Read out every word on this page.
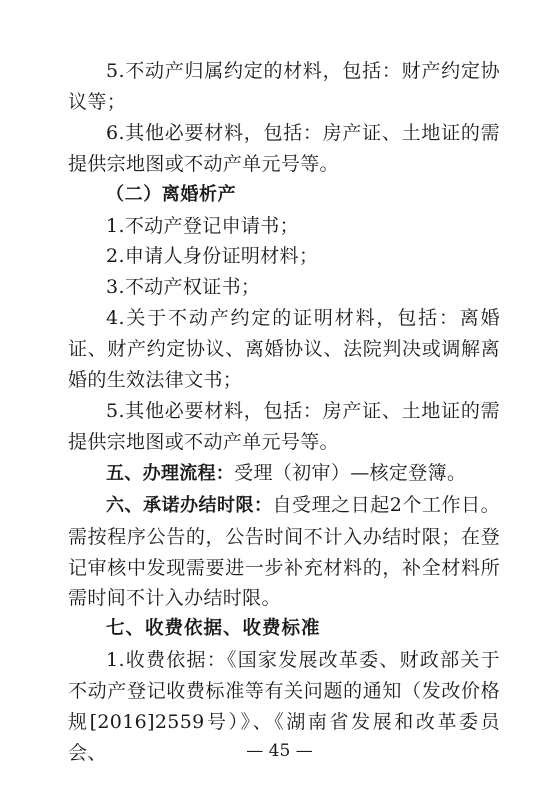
5.不动产归属约定的材料，包括：财产约定协议等；

6.其他必要材料，包括：房产证、土地证的需提供宗地图或不动产单元号等。

（二）离婚析产

1.不动产登记申请书；

2.申请人身份证明材料；

3.不动产权证书；

4.关于不动产约定的证明材料，包括：离婚证、财产约定协议、离婚协议、法院判决或调解离婚的生效法律文书；

5.其他必要材料，包括：房产证、土地证的需提供宗地图或不动产单元号等。

五、办理流程：受理（初审）—核定登簿。

六、承诺办结时限：自受理之日起2个工作日。需按程序公告的，公告时间不计入办结时限；在登记审核中发现需要进一步补充材料的，补全材料所需时间不计入办结时限。

七、收费依据、收费标准

1.收费依据：《国家发展改革委、财政部关于不动产登记收费标准等有关问题的通知（发改价格规[2016]2559号）》、《湖南省发展和改革委员会、	— 45 —
